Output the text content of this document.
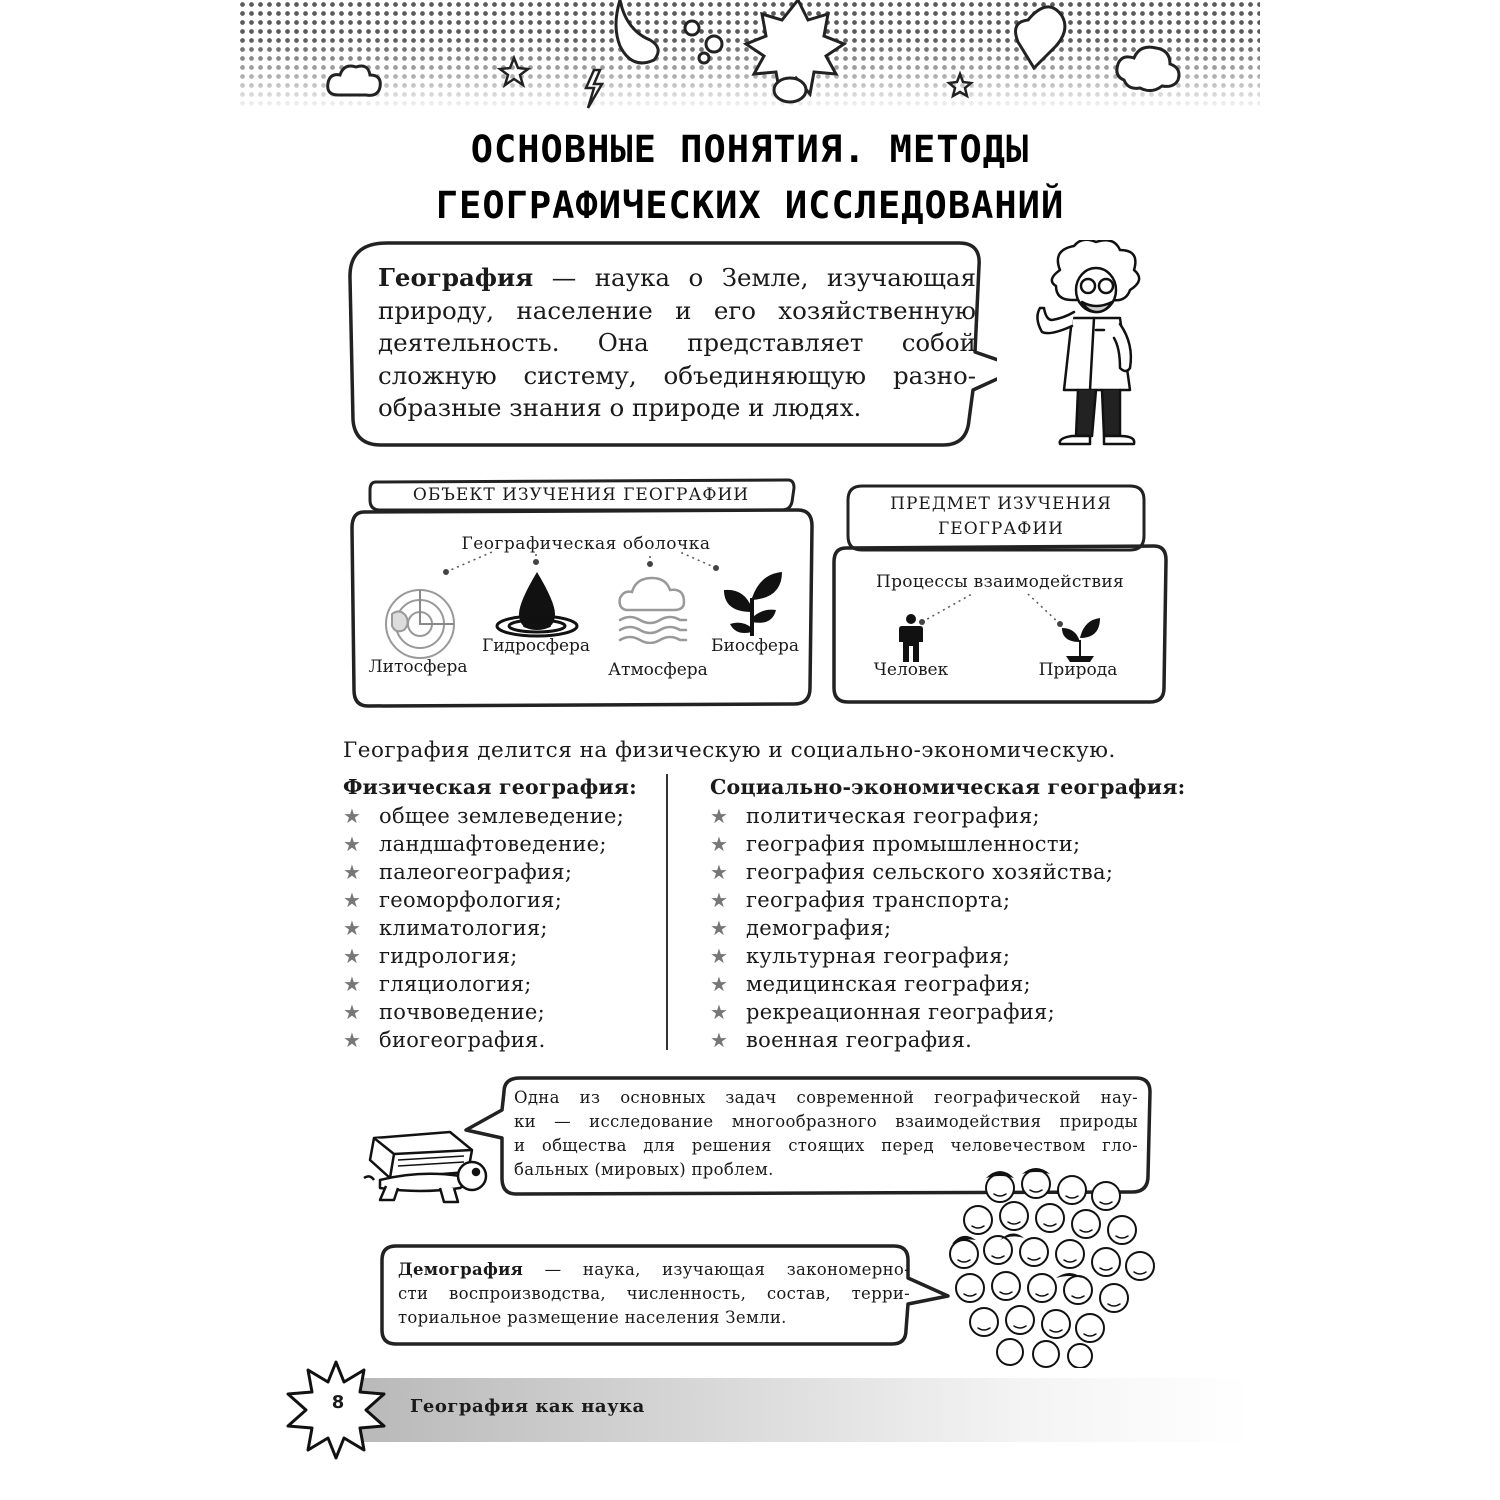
ОСНОВНЫЕ ПОНЯТИЯ. МЕТОДЫ
ГЕОГРАФИЧЕСКИХ ИССЛЕДОВАНИЙ
География — наука о Земле, изучающая
природу, население и его хозяйственную
деятельность. Она представляет собой
сложную систему, объединяющую разно-
образные знания о природе и людях.
ОБЪЕКТ ИЗУЧЕНИЯ ГЕОГРАФИИ
Географическая оболочка
Литосфера
Гидросфера
Атмосфера
Биосфера
ПРЕДМЕТ ИЗУЧЕНИЯ
ГЕОГРАФИИ
Процессы взаимодействия
Человек	Природа
География делится на физическую и социально-экономическую.
Физическая география:
★ общее землеведение;
★ ландшафтоведение;
★ палеогеография;
★ геоморфология;
★ климатология;
★ гидрология;
★ гляциология;
★ почвоведение;
★ биогеография.
Социально-экономическая география:
★ политическая география;
★ география промышленности;
★ география сельского хозяйства;
★ география транспорта;
★ демография;
★ культурная география;
★ медицинская география;
★ рекреационная география;
★ военная география.
Одна из основных задач современной географической нау-
ки — исследование многообразного взаимодействия природы
и общества для решения стоящих перед человечеством гло-
бальных (мировых) проблем.
Демография — наука, изучающая закономерно-
сти воспроизводства, численность, состав, терри-
ториальное размещение населения Земли.
8	География как наука
